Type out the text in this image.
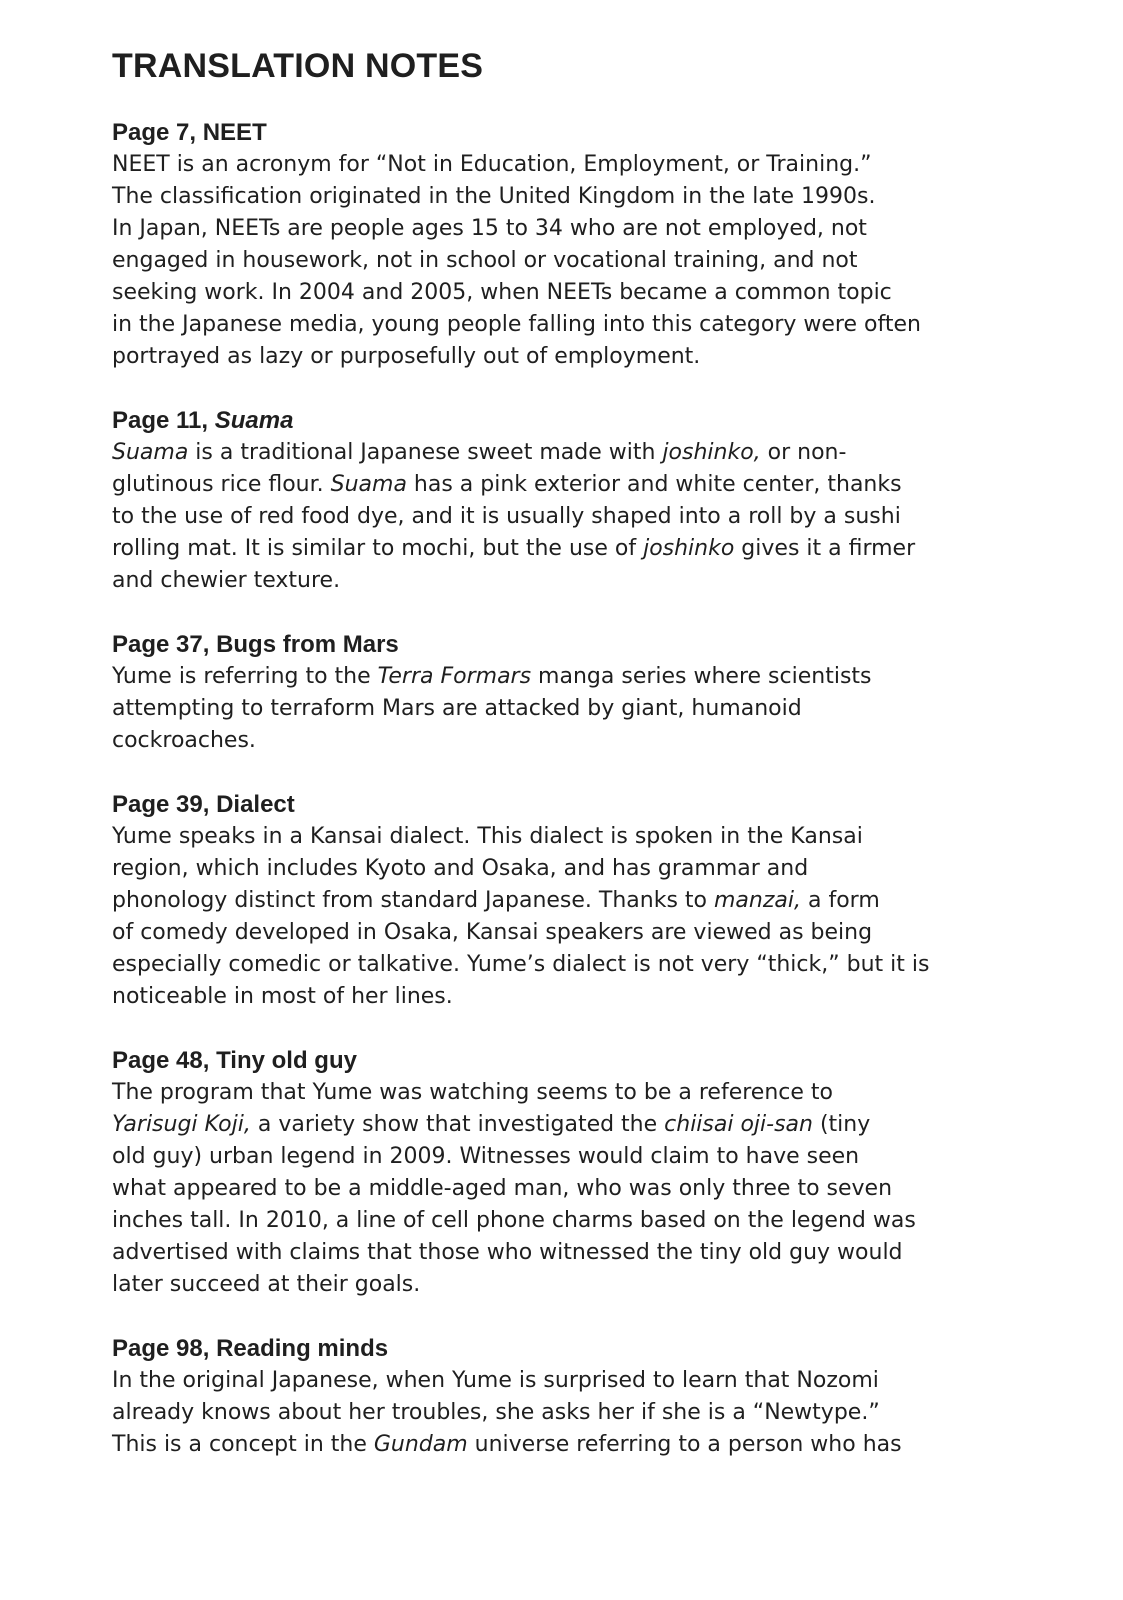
TRANSLATION NOTES
Page 7, NEET
NEET is an acronym for “Not in Education, Employment, or Training.”
The classification originated in the United Kingdom in the late 1990s.
In Japan, NEETs are people ages 15 to 34 who are not employed, not
engaged in housework, not in school or vocational training, and not
seeking work. In 2004 and 2005, when NEETs became a common topic
in the Japanese media, young people falling into this category were often
portrayed as lazy or purposefully out of employment.
Page 11, Suama
Suama is a traditional Japanese sweet made with joshinko, or non-
glutinous rice flour. Suama has a pink exterior and white center, thanks
to the use of red food dye, and it is usually shaped into a roll by a sushi
rolling mat. It is similar to mochi, but the use of joshinko gives it a firmer
and chewier texture.
Page 37, Bugs from Mars
Yume is referring to the Terra Formars manga series where scientists
attempting to terraform Mars are attacked by giant, humanoid
cockroaches.
Page 39, Dialect
Yume speaks in a Kansai dialect. This dialect is spoken in the Kansai
region, which includes Kyoto and Osaka, and has grammar and
phonology distinct from standard Japanese. Thanks to manzai, a form
of comedy developed in Osaka, Kansai speakers are viewed as being
especially comedic or talkative. Yume’s dialect is not very “thick,” but it is
noticeable in most of her lines.
Page 48, Tiny old guy
The program that Yume was watching seems to be a reference to
Yarisugi Koji, a variety show that investigated the chiisai oji-san (tiny
old guy) urban legend in 2009. Witnesses would claim to have seen
what appeared to be a middle-aged man, who was only three to seven
inches tall. In 2010, a line of cell phone charms based on the legend was
advertised with claims that those who witnessed the tiny old guy would
later succeed at their goals.
Page 98, Reading minds
In the original Japanese, when Yume is surprised to learn that Nozomi
already knows about her troubles, she asks her if she is a “Newtype.”
This is a concept in the Gundam universe referring to a person who has
